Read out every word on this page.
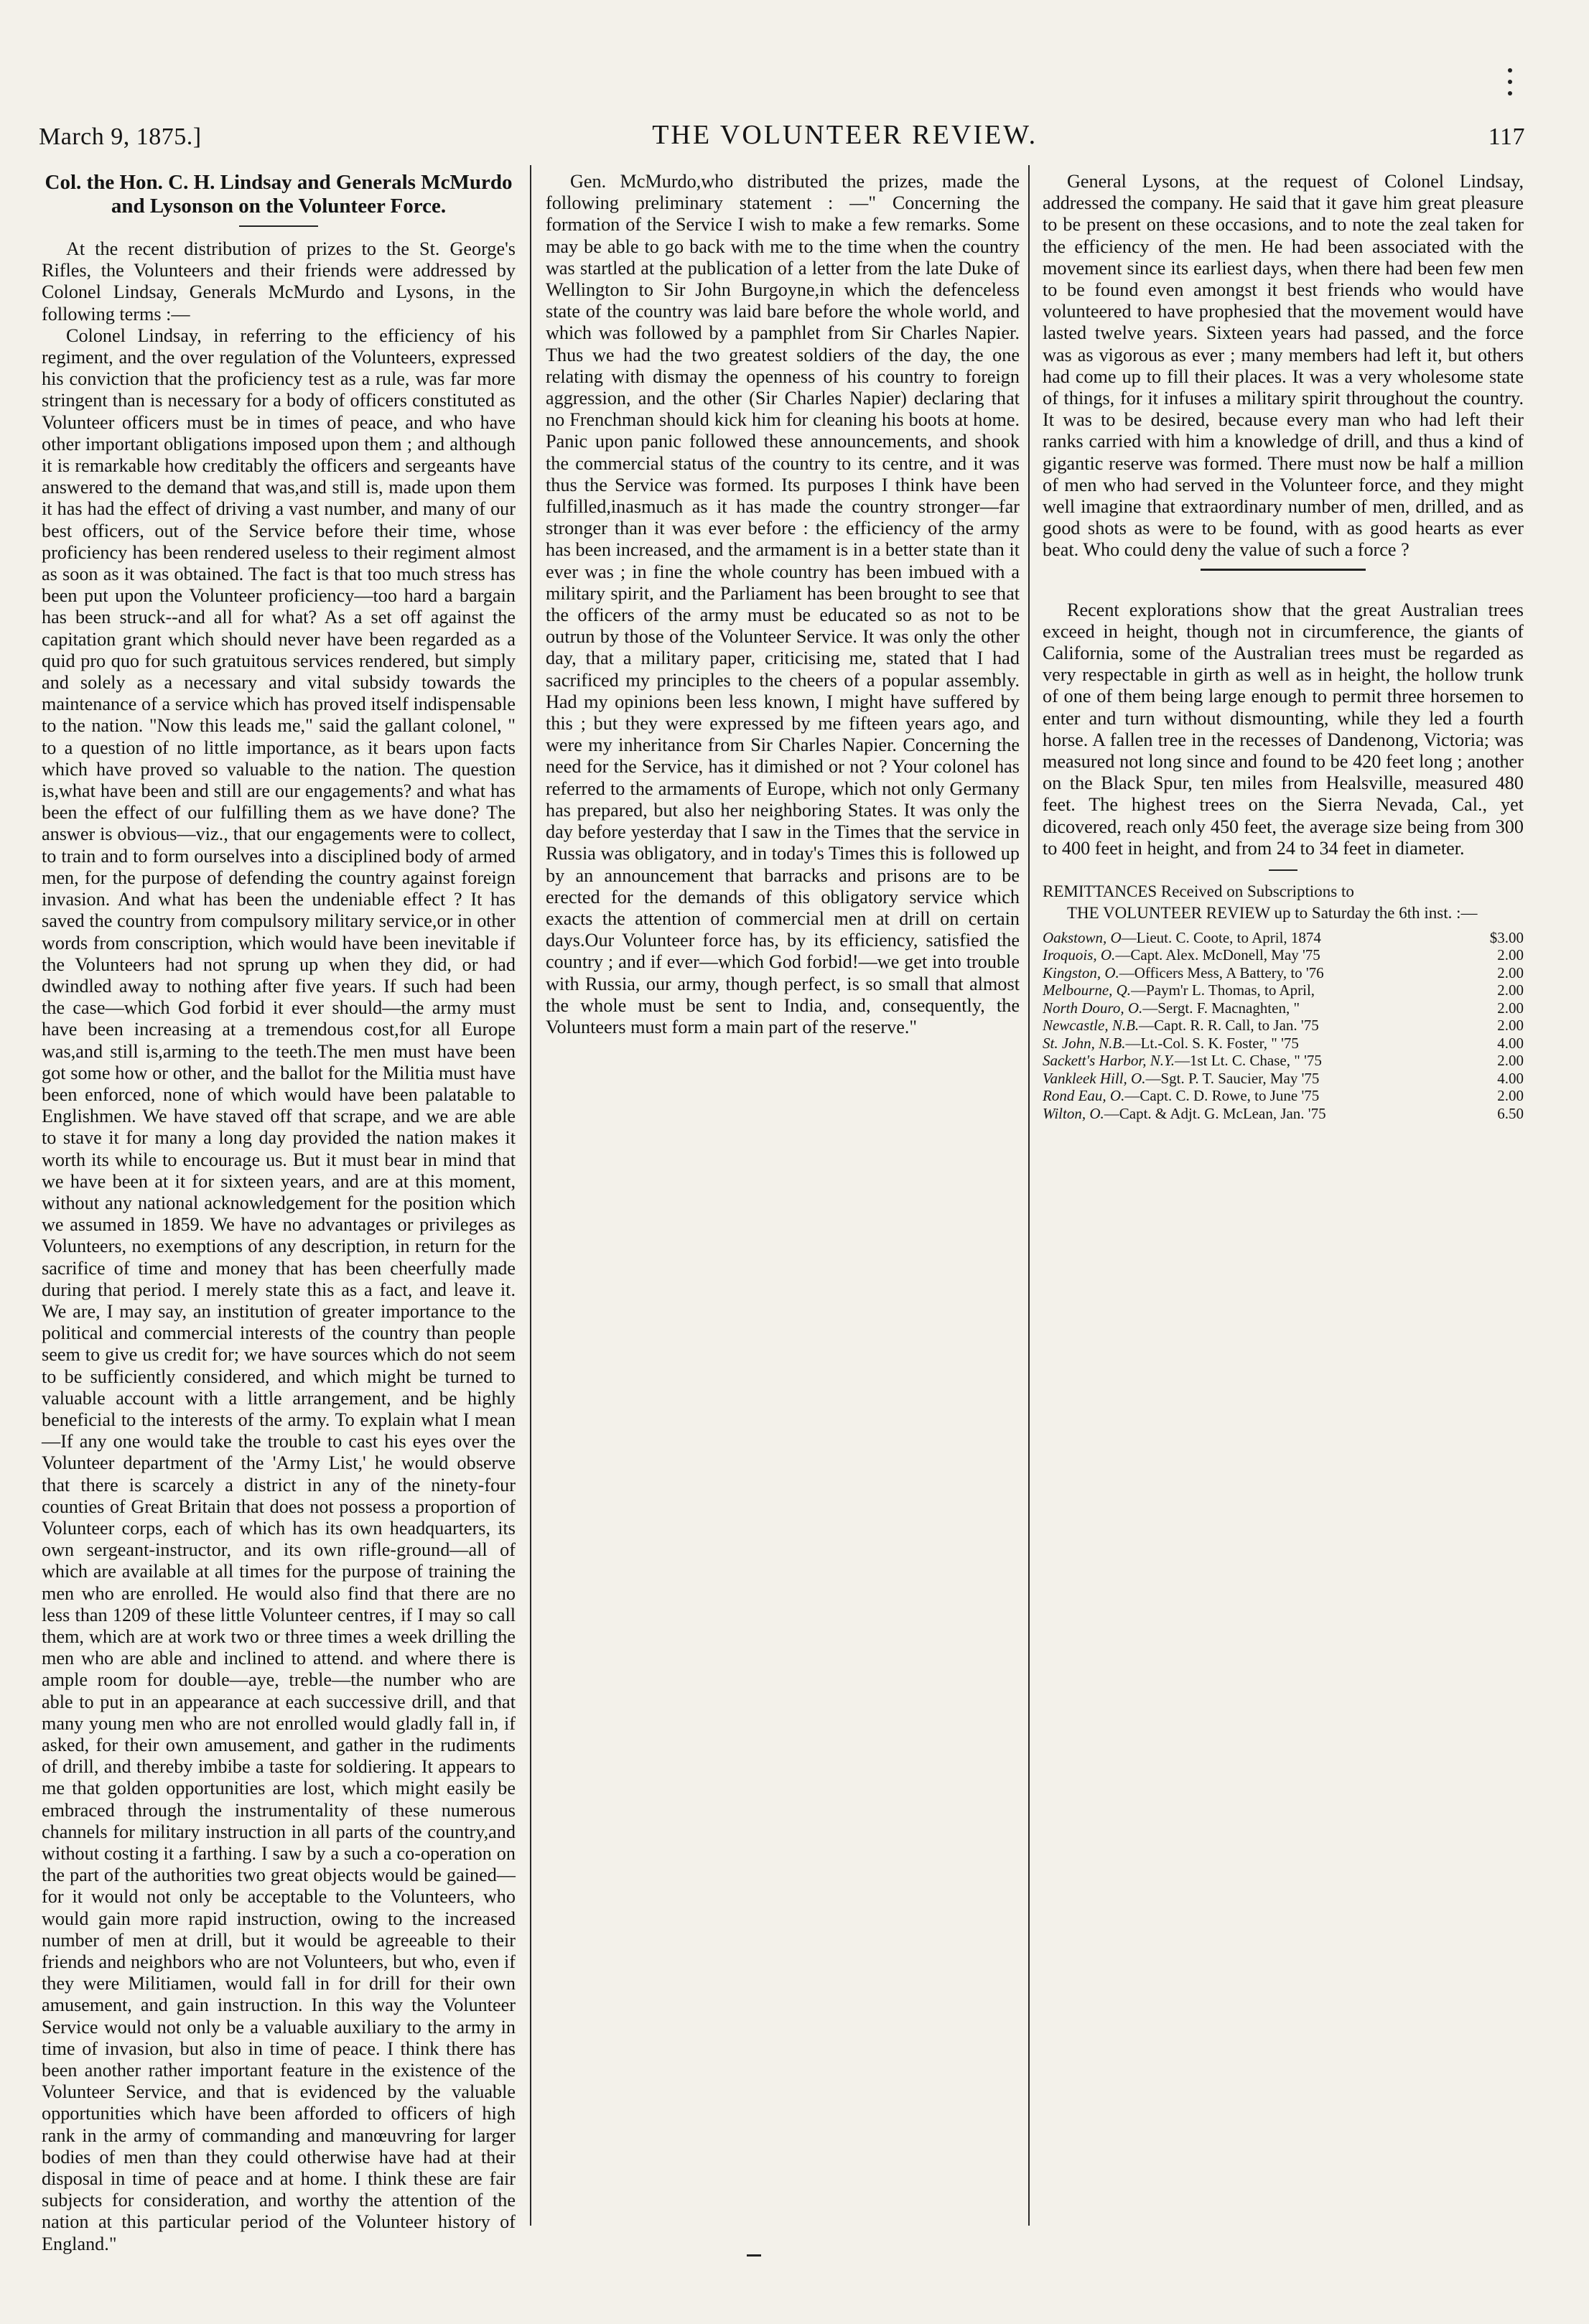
March 9, 1875.]	THE VOLUNTEER REVIEW.	117

Col. the Hon. C. H. Lindsay and Generals McMurdo and Lysonson on the Volunteer Force.

At the recent distribution of prizes to the St. George's Rifles, the Volunteers and their friends were addressed by Colonel Lindsay, Generals McMurdo and Lysons, in the following terms :—

Colonel Lindsay, in referring to the efficiency of his regiment, and the over regulation of the Volunteers, expressed his conviction that the proficiency test as a rule, was far more stringent than is necessary for a body of officers constituted as Volunteer officers must be in times of peace, and who have other important obligations imposed upon them ; and although it is remarkable how creditably the officers and sergeants have answered to the demand that was,and still is, made upon them it has had the effect of driving a vast number, and many of our best officers, out of the Service before their time, whose proficiency has been rendered useless to their regiment almost as soon as it was obtained. The fact is that too much stress has been put upon the Volunteer proficiency—too hard a bargain has been struck--and all for what? As a set off against the capitation grant which should never have been regarded as a quid pro quo for such gratuitous services rendered, but simply and solely as a necessary and vital subsidy towards the maintenance of a service which has proved itself indispensable to the nation. "Now this leads me," said the gallant colonel, " to a question of no little importance, as it bears upon facts which have proved so valuable to the nation. The question is,what have been and still are our engagements? and what has been the effect of our fulfilling them as we have done? The answer is obvious—viz., that our engagements were to collect, to train and to form ourselves into a disciplined body of armed men, for the purpose of defending the country against foreign invasion. And what has been the undeniable effect ? It has saved the country from compulsory military service,or in other words from conscription, which would have been inevitable if the Volunteers had not sprung up when they did, or had dwindled away to nothing after five years. If such had been the case—which God forbid it ever should—the army must have been increasing at a tremendous cost,for all Europe was,and still is,arming to the teeth.The men must have been got some how or other, and the ballot for the Militia must have been enforced, none of which would have been palatable to Englishmen. We have staved off that scrape, and we are able to stave it for many a long day provided the nation makes it worth its while to encourage us. But it must bear in mind that we have been at it for sixteen years, and are at this moment, without any national acknowledgement for the position which we assumed in 1859. We have no advantages or privileges as Volunteers, no exemptions of any description, in return for the sacrifice of time and money that has been cheerfully made during that period. I merely state this as a fact, and leave it. We are, I may say, an institution of greater importance to the political and commercial interests of the country than people seem to give us credit for; we have sources which do not seem to be sufficiently considered, and which might be turned to valuable account with a little arrangement, and be highly beneficial to the interests of the army. To explain what I mean—If any one would take the trouble to cast his eyes over the Volunteer department of the 'Army List,' he would observe that there is scarcely a district in any of the ninety-four counties of Great Britain that does not possess a proportion of Volunteer corps, each of which has its own headquarters, its own sergeant-instructor, and its own rifle-ground—all of which are available at all times for the purpose of training the men who are enrolled. He would also find that there are no less than 1209 of these little Volunteer centres, if I may so call them, which are at work two or three times a week drilling the men who are able and inclined to attend. and where there is ample room for double—aye, treble—the number who are able to put in an appearance at each successive drill, and that many young men who are not enrolled would gladly fall in, if asked, for their own amusement, and gather in the rudiments of drill, and thereby imbibe a taste for soldiering. It appears to me that golden opportunities are lost, which might easily be embraced through the instrumentality of these numerous channels for military instruction in all parts of the country,and without costing it a farthing. I saw by a such a co-operation on the part of the authorities two great objects would be gained—for it would not only be acceptable to the Volunteers, who would gain more rapid instruction, owing to the increased number of men at drill, but it would be agreeable to their friends and neighbors who are not Volunteers, but who, even if they were Militiamen, would fall in for drill for their own amusement, and gain instruction. In this way the Volunteer Service would not only be a valuable auxiliary to the army in time of invasion, but also in time of peace. I think there has been another rather important feature in the existence of the Volunteer Service, and that is evidenced by the valuable opportunities which have been afforded to officers of high rank in the army of commanding and manœuvring for larger bodies of men than they could otherwise have had at their disposal in time of peace and at home. I think these are fair subjects for consideration, and worthy the attention of the nation at this particular period of the Volunteer history of England."

Gen. McMurdo,who distributed the prizes, made the following preliminary statement : —" Concerning the formation of the Service I wish to make a few remarks. Some may be able to go back with me to the time when the country was startled at the publication of a letter from the late Duke of Wellington to Sir John Burgoyne,in which the defenceless state of the country was laid bare before the whole world, and which was followed by a pamphlet from Sir Charles Napier. Thus we had the two greatest soldiers of the day, the one relating with dismay the openness of his country to foreign aggression, and the other (Sir Charles Napier) declaring that no Frenchman should kick him for cleaning his boots at home. Panic upon panic followed these announcements, and shook the commercial status of the country to its centre, and it was thus the Service was formed. Its purposes I think have been fulfilled,inasmuch as it has made the country stronger—far stronger than it was ever before : the efficiency of the army has been increased, and the armament is in a better state than it ever was ; in fine the whole country has been imbued with a military spirit, and the Parliament has been brought to see that the officers of the army must be educated so as not to be outrun by those of the Volunteer Service. It was only the other day, that a military paper, criticising me, stated that I had sacrificed my principles to the cheers of a popular assembly. Had my opinions been less known, I might have suffered by this ; but they were expressed by me fifteen years ago, and were my inheritance from Sir Charles Napier. Concerning the need for the Service, has it dimished or not ? Your colonel has referred to the armaments of Europe, which not only Germany has prepared, but also her neighboring States. It was only the day before yesterday that I saw in the Times that the service in Russia was obligatory, and in today's Times this is followed up by an announcement that barracks and prisons are to be erected for the demands of this obligatory service which exacts the attention of commercial men at drill on certain days.Our Volunteer force has, by its efficiency, satisfied the country ; and if ever—which God forbid!—we get into trouble with Russia, our army, though perfect, is so small that almost the whole must be sent to India, and, consequently, the Volunteers must form a main part of the reserve."

General Lysons, at the request of Colonel Lindsay, addressed the company. He said that it gave him great pleasure to be present on these occasions, and to note the zeal taken for the efficiency of the men. He had been associated with the movement since its earliest days, when there had been few men to be found even amongst it best friends who would have volunteered to have prophesied that the movement would have lasted twelve years. Sixteen years had passed, and the force was as vigorous as ever ; many members had left it, but others had come up to fill their places. It was a very wholesome state of things, for it infuses a military spirit throughout the country. It was to be desired, because every man who had left their ranks carried with him a knowledge of drill, and thus a kind of gigantic reserve was formed. There must now be half a million of men who had served in the Volunteer force, and they might well imagine that extraordinary number of men, drilled, and as good shots as were to be found, with as good hearts as ever beat. Who could deny the value of such a force ?

Recent explorations show that the great Australian trees exceed in height, though not in circumference, the giants of California, some of the Australian trees must be regarded as very respectable in girth as well as in height, the hollow trunk of one of them being large enough to permit three horsemen to enter and turn without dismounting, while they led a fourth horse. A fallen tree in the recesses of Dandenong, Victoria; was measured not long since and found to be 420 feet long ; another on the Black Spur, ten miles from Healsville, measured 480 feet. The highest trees on the Sierra Nevada, Cal., yet dicovered, reach only 450 feet, the average size being from 300 to 400 feet in height, and from 24 to 34 feet in diameter.

REMITTANCES Received on Subscriptions to

THE VOLUNTEER REVIEW up to Saturday the 6th inst. :—

Oakstown, O—Lieut. C. Coote, to April, 1874	$3.00
Iroquois, O.—Capt. Alex. McDonell, May '75	2.00
Kingston, O.—Officers Mess, A Battery, to '76	2.00
Melbourne, Q.—Paym'r L. Thomas, to April,	2.00
North Douro, O.—Sergt. F. Macnaghten, "	2.00
Newcastle, N.B.—Capt. R. R. Call, to Jan. '75	2.00
St. John, N.B.—Lt.-Col. S. K. Foster, " '75	4.00
Sackett's Harbor, N.Y.—1st Lt. C. Chase, " '75	2.00
Vankleek Hill, O.—Sgt. P. T. Saucier, May '75	4.00
Rond Eau, O.—Capt. C. D. Rowe, to June '75	2.00
Wilton, O.—Capt. & Adjt. G. McLean, Jan. '75	6.50
